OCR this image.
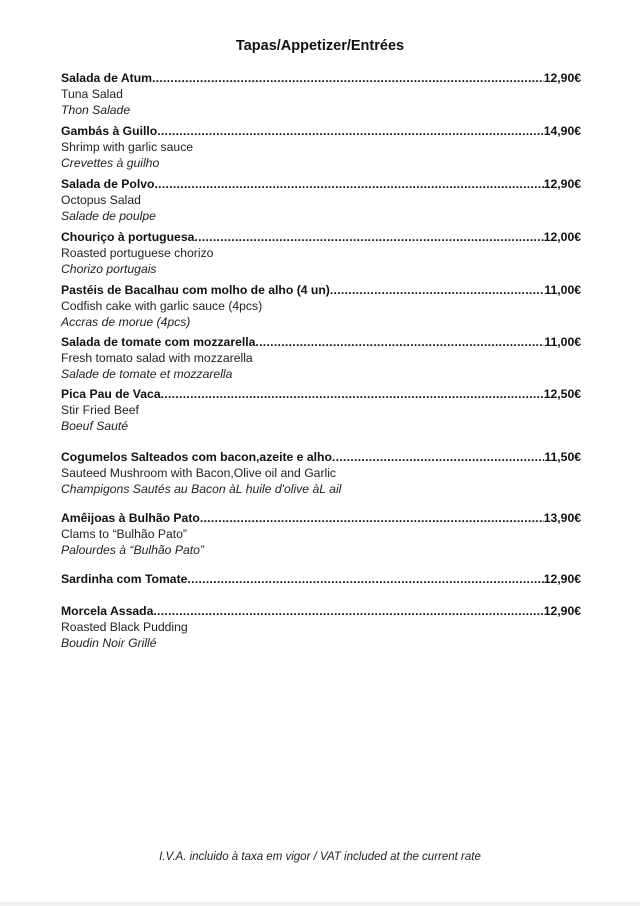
Tapas/Appetizer/Entrées
Salada de Atum .....	12,90€
Tuna Salad
Thon Salade
Gambás à Guillo .....	14,90€
Shrimp with garlic sauce
Crevettes à guilho
Salada de Polvo .....	12,90€
Octopus Salad
Salade de poulpe
Chouriço à portuguesa .....	12,00€
Roasted portuguese chorizo
Chorizo portugais
Pastéis de Bacalhau com molho de alho (4 un) .....	11,00€
Codfish cake with garlic sauce (4pcs)
Accras de morue (4pcs)
Salada de tomate com mozzarella .....	11,00€
Fresh tomato salad with mozzarella
Salade de tomate et mozzarella
Pica Pau de Vaca .....	12,50€
Stir Fried Beef
Boeuf Sauté
Cogumelos Salteados com bacon,azeite e alho .....	11,50€
Sauteed Mushroom with Bacon,Olive oil and Garlic
Champigons Sautés au Bacon àL huile d'olive àL ail
Amêijoas à Bulhão Pato .....	13,90€
Clams to “Bulhão Pato”
Palourdes à “Bulhão Pato”
Sardinha com Tomate .....	12,90€
Morcela Assada .....	12,90€
Roasted Black Pudding
Boudin Noir Grillé
I.V.A. incluido à taxa em vigor / VAT included at the current rate
